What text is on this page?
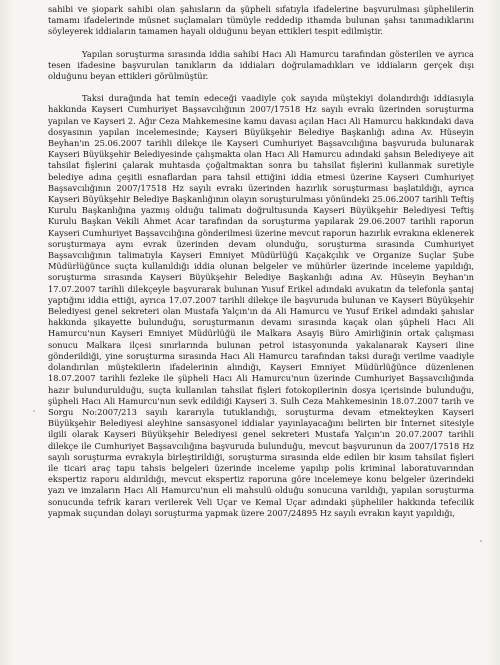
sahibi ve şiopark sahibi olan şahısların da şüpheli sıfatıyla ifadelerine başvurulması şüphelilerin tamamı ifadelerinde müsnet suçlamaları tümüyle reddedip ithamda bulunan şahsı tanımadıklarını söyleyerek iddiaların tamamen hayali olduğunu beyan ettikleri tespit edilmiştir.

Yapılan soruşturma sırasında iddia sahibi Hacı Ali Hamurcu tarafından gösterilen ve ayrıca tesen ifadesine başvurulan tanıkların da iddiaları doğrulamadıkları ve iddiaların gerçek dışı olduğunu beyan ettikleri görülmüştür.

Taksi durağında hat temin edeceği vaadiyle çok sayıda müştekiyi dolandırdığı iddiasıyla hakkında Kayseri Cumhuriyet Başsavcılığının 2007/17518 Hz sayılı evrakı üzerinden soruşturma yapılan ve Kayseri 2. Ağır Ceza Mahkemesine kamu davası açılan Hacı Ali Hamurcu hakkındaki dava dosyasının yapılan incelemesinde; Kayseri Büyükşehir Belediye Başkanlığı adına Av. Hüseyin Beyhan'ın 25.06.2007 tarihli dilekçe ile Kayseri Cumhuriyet Başsavcılığına başvuruda bulunarak Kayseri Büyükşehir Belediyesinde çalışmakta olan Hacı Ali Hamurcu adındaki şahsın Belediyeye ait tahsilat fişlerini çalarak muhtasda çoğaltmaktan sonra bu tahsilat fişlerini kullanmak suretiyle belediye adına çeşitli esnaflardan para tahsil ettiğini iddia etmesi üzerine Kayseri Cumhuriyet Başsavcılığının 2007/17518 Hz sayılı evrakı üzerinden hazırlık soruşturması başlatıldığı, ayrıca Kayseri Büyükşehir Belediye Başkanlığının olayın soruşturulması yönündeki 25.06.2007 tarihli Teftiş Kurulu Başkanlığına yazmış olduğu talimatı doğrultusunda Kayseri Büyükşehir Belediyesi Teftiş Kurulu Başkan Vekili Ahmet Acar tarafından da soruşturma yapılarak 29.06.2007 tarihli raporun Kayseri Cumhuriyet Başsavcılığına gönderilmesi üzerine mevcut raporun hazırlık evrakına eklenerek soruşturmaya aynı evrak üzerinden devam olunduğu, soruşturma sırasında Cumhuriyet Başsavcılığının talimatıyla Kayseri Emniyet Müdürlüğü Kaçakçılık ve Organize Suçlar Şube Müdürlüğünce suçta kullanıldığı iddia olunan belgeler ve mühürler üzerinde inceleme yapıldığı, soruşturma sırasında Kayseri Büyükşehir Belediye Başkanlığı adına Av. Hüseyin Beyhan'ın 17.07.2007 tarihli dilekçeyle başvurarak bulunan Yusuf Erikel adındaki avukatın da telefonla şantaj yaptığını iddia ettiği, ayrıca 17.07.2007 tarihli dilekçe ile başvuruda bulunan ve Kayseri Büyükşehir Belediyesi genel sekreteri olan Mustafa Yalçın'ın da Ali Hamurcu ve Yusuf Erikel adındaki şahıslar hakkında şikayette bulunduğu, soruşturmanın devamı sırasında kaçak olan şüpheli Hacı Ali Hamurcu'nun Kayseri Emniyet Müdürlüğü ile Malkara Asayiş Büro Amirliğinin ortak çalışması sonucu Malkara ilçesi sınırlarında bulunan petrol istasyonunda yakalanarak Kayseri iline gönderildiği, yine soruşturma sırasında Hacı Ali Hamurcu tarafından taksi durağı verilme vaadiyle dolandırılan müştekilerin ifadelerinin alındığı, Kayseri Emniyet Müdürlüğünce düzenlenen 18.07.2007 tarihli fezleke ile şüpheli Hacı Ali Hamurcu'nun üzerinde Cumhuriyet Başsavcılığında hazır bulundurulduğu, suçta kullanılan tahsilat fişleri fotokopilerinin dosya içerisinde bulunduğu, şüpheli Hacı Ali Hamurcu'nun sevk edildiği Kayseri 3. Sulh Ceza Mahkemesinin 18.07.2007 tarih ve Sorgu No:2007/213 sayılı kararıyla tutuklandığı, soruşturma devam etmekteyken Kayseri Büyükşehir Belediyesi aleyhine sansasyonel iddialar yayınlayacağını belirten bir İnternet sitesiyle ilgili olarak Kayseri Büyükşehir Belediyesi genel sekreteri Mustafa Yalçın'ın 20.07.2007 tarihli dilekçe ile Cumhuriyet Başsavcılığına başvuruda bulunduğu, mevcut başvurunun da 2007/17518 Hz sayılı soruşturma evrakıyla birleştirildiği, soruşturma sırasında elde edilen bir kısım tahsilat fişleri ile ticari araç tapu tahsis belgeleri üzerinde inceleme yapılıp polis kriminal laboratuvarından ekspertiz raporu aldırıldığı, mevcut ekspertiz raporuna göre incelemeye konu belgeler üzerindeki yazı ve imzaların Hacı Ali Hamurcu'nun eli mahsulü olduğu sonucuna varıldığı, yapılan soruşturma sonucunda tefrik kararı verilerek Veli Uçar ve Kemal Uçar adındaki şüpheliler hakkında tefecilik yapmak suçundan dolayı soruşturma yapmak üzere 2007/24895 Hz sayılı evrakın kayıt yapıldığı,
